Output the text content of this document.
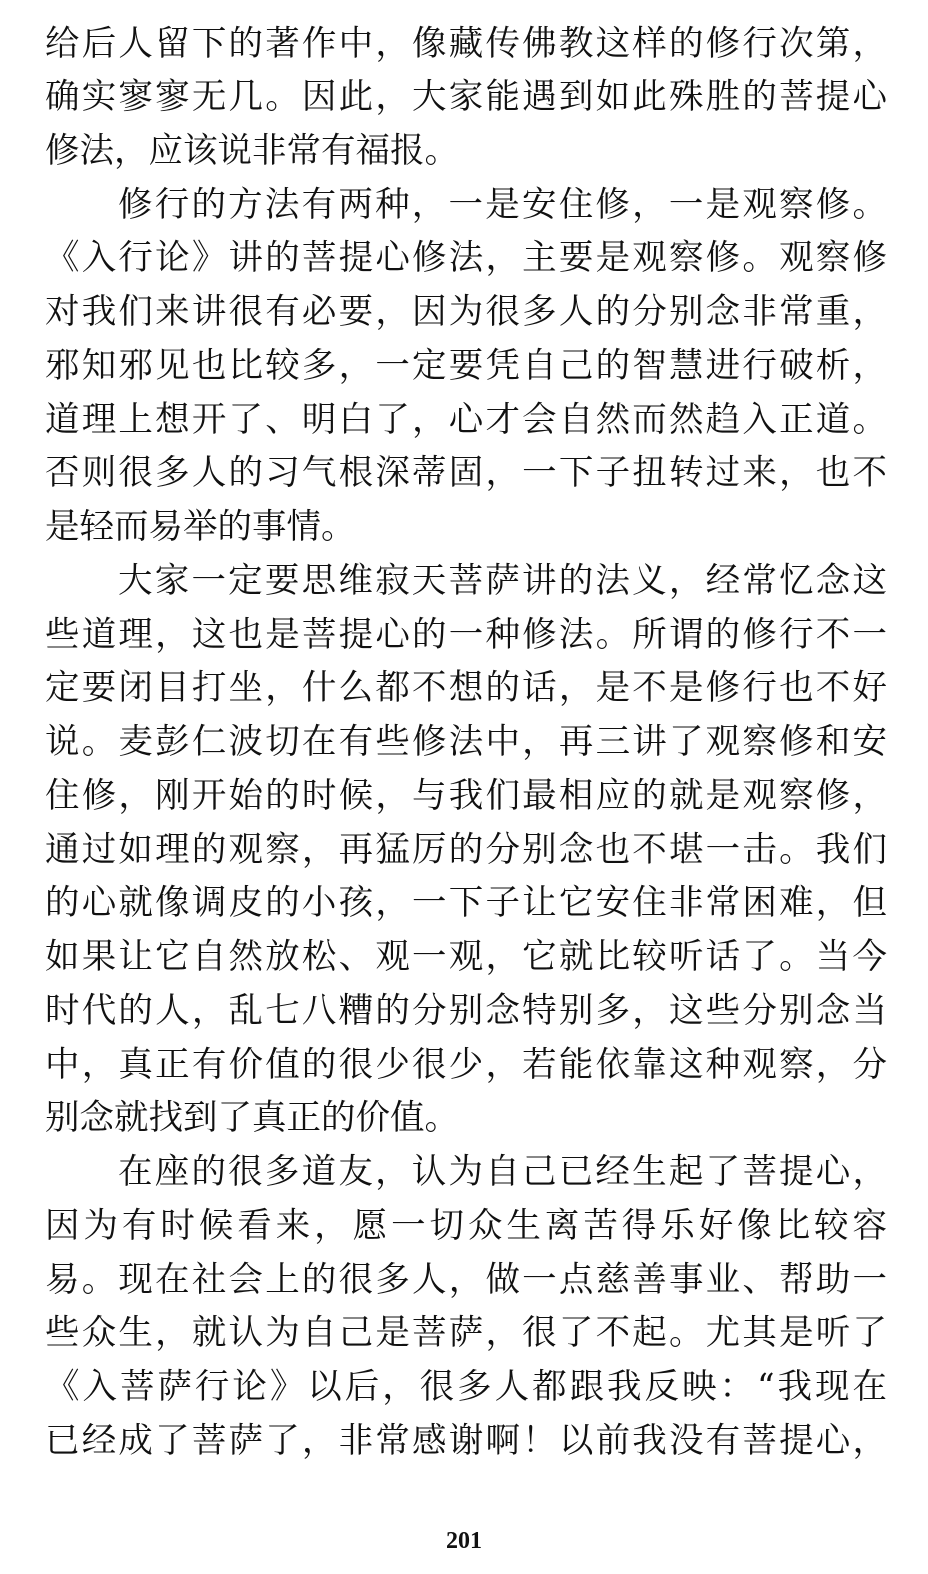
给后人留下的著作中，像藏传佛教这样的修行次第，
确实寥寥无几。因此，大家能遇到如此殊胜的菩提心
修法，应该说非常有福报。
修行的方法有两种，一是安住修，一是观察修。
《入行论》讲的菩提心修法，主要是观察修。观察修
对我们来讲很有必要，因为很多人的分别念非常重，
邪知邪见也比较多，一定要凭自己的智慧进行破析，
道理上想开了、明白了，心才会自然而然趋入正道。
否则很多人的习气根深蒂固，一下子扭转过来，也不
是轻而易举的事情。
大家一定要思维寂天菩萨讲的法义，经常忆念这
些道理，这也是菩提心的一种修法。所谓的修行不一
定要闭目打坐，什么都不想的话，是不是修行也不好
说。麦彭仁波切在有些修法中，再三讲了观察修和安
住修，刚开始的时候，与我们最相应的就是观察修，
通过如理的观察，再猛厉的分别念也不堪一击。我们
的心就像调皮的小孩，一下子让它安住非常困难，但
如果让它自然放松、观一观，它就比较听话了。当今
时代的人，乱七八糟的分别念特别多，这些分别念当
中，真正有价值的很少很少，若能依靠这种观察，分
别念就找到了真正的价值。
在座的很多道友，认为自己已经生起了菩提心，
因为有时候看来，愿一切众生离苦得乐好像比较容
易。现在社会上的很多人，做一点慈善事业、帮助一
些众生，就认为自己是菩萨，很了不起。尤其是听了
《入菩萨行论》以后，很多人都跟我反映：“我现在
已经成了菩萨了，非常感谢啊！以前我没有菩提心，
201
